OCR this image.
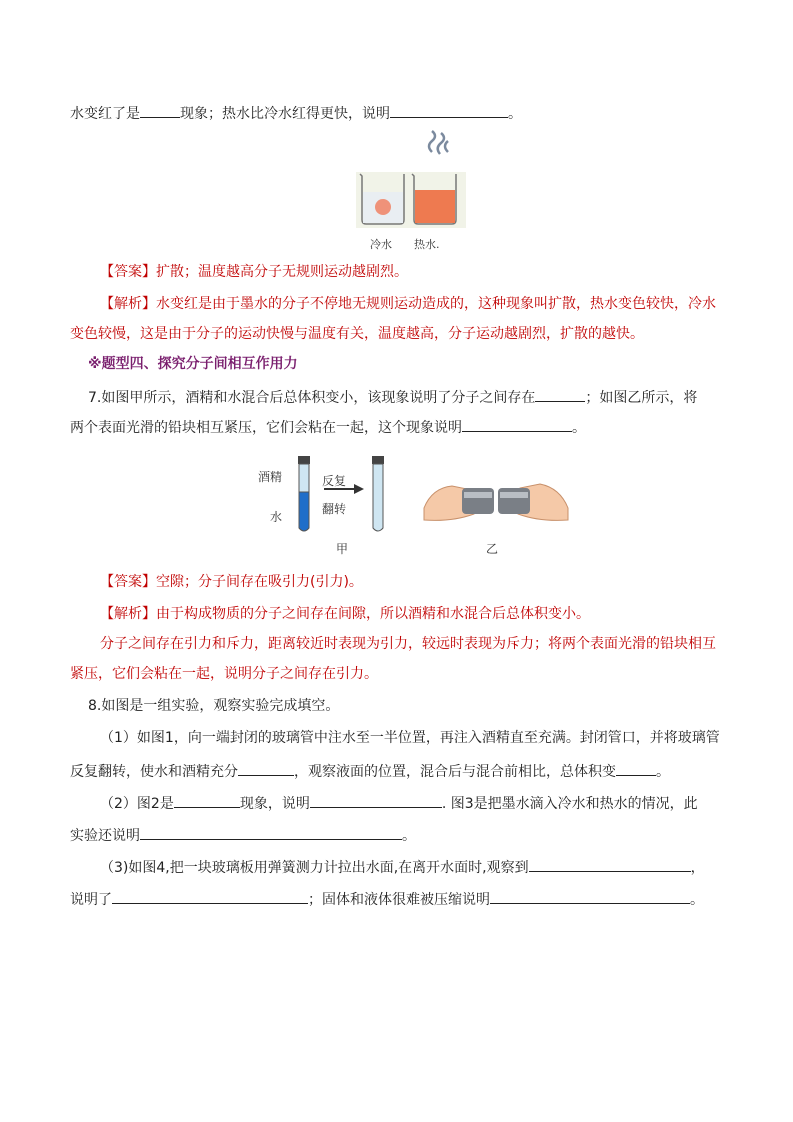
水变红了是	现象；热水比冷水红得更快，说明	。
冷水 热水.
【答案】扩散；温度越高分子无规则运动越剧烈。
【解析】水变红是由于墨水的分子不停地无规则运动造成的，这种现象叫扩散，热水变色较快，冷水
变色较慢，这是由于分子的运动快慢与温度有关，温度越高，分子运动越剧烈，扩散的越快。
※题型四、探究分子间相互作用力
7.如图甲所示，酒精和水混合后总体积变小，该现象说明了分子之间存在	；如图乙所示，将
两个表面光滑的铅块相互紧压，它们会粘在一起，这个现象说明	。
酒精
水
反复
翻转
甲	乙
【答案】空隙；分子间存在吸引力(引力)。
【解析】由于构成物质的分子之间存在间隙，所以酒精和水混合后总体积变小。
分子之间存在引力和斥力，距离较近时表现为引力，较远时表现为斥力；将两个表面光滑的铅块相互
紧压，它们会粘在一起，说明分子之间存在引力。
8.如图是一组实验，观察实验完成填空。
（1）如图1，向一端封闭的玻璃管中注水至一半位置，再注入酒精直至充满。封闭管口，并将玻璃管
反复翻转，使水和酒精充分	，观察液面的位置，混合后与混合前相比，总体积变	。
（2）图2是	现象，说明	. 图3是把墨水滴入冷水和热水的情况，此
实验还说明	。
（3)如图4,把一块玻璃板用弹簧测力计拉出水面,在离开水面时,观察到	，
说明了	；固体和液体很难被压缩说明	。
